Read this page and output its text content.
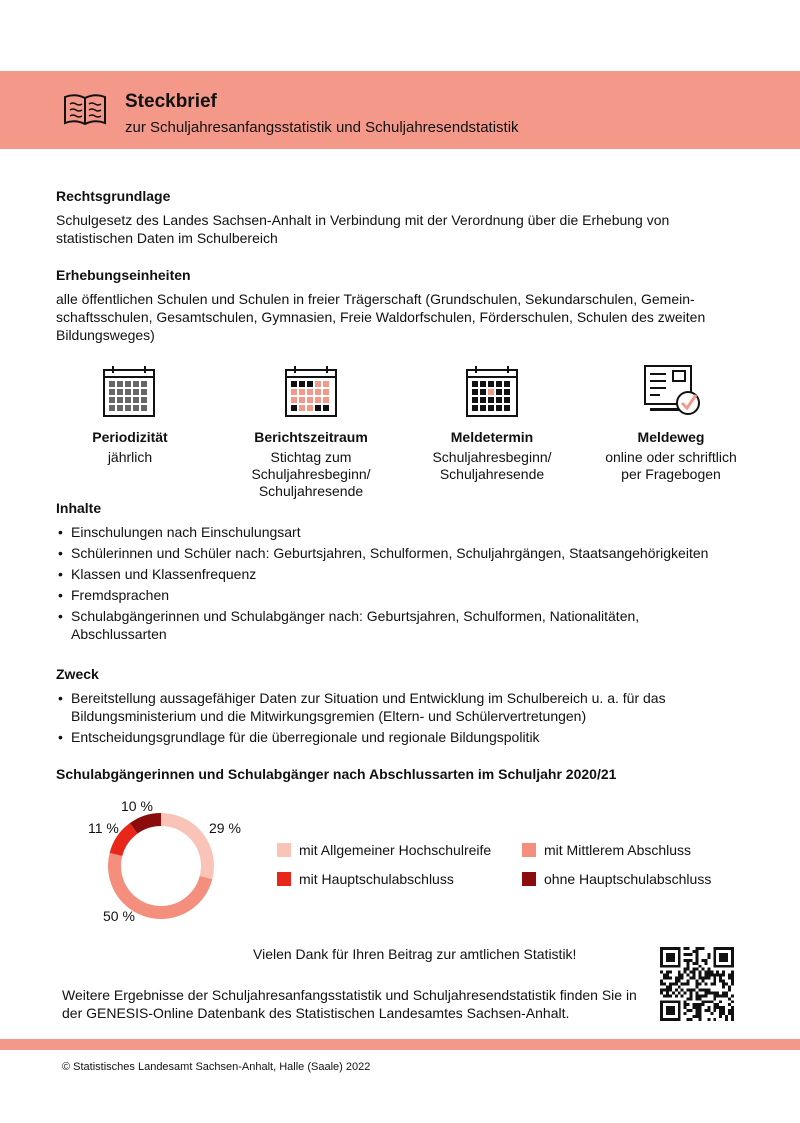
Steckbrief
zur Schuljahresanfangsstatistik und Schuljahresendstatistik
Rechtsgrundlage

Schulgesetz des Landes Sachsen-Anhalt in Verbindung mit der Verordnung über die Erhebung von statistischen Daten im Schulbereich

Erhebungseinheiten

alle öffentlichen Schulen und Schulen in freier Trägerschaft (Grundschulen, Sekundarschulen, Gemein- schaftsschulen, Gesamtschulen, Gymnasien, Freie Waldorfschulen, Förderschulen, Schulen des zweiten Bildungsweges)

Periodizität
jährlich
Berichtszeitraum
Stichtag zum Schuljahresbeginn/ Schuljahresende
Meldetermin
Schuljahresbeginn/ Schuljahresende
Meldeweg
online oder schriftlich per Fragebogen
Inhalte
• Einschulungen nach Einschulungsart
• Schülerinnen und Schüler nach: Geburtsjahren, Schulformen, Schuljahrgängen, Staatsangehörigkeiten
• Klassen und Klassenfrequenz
• Fremdsprachen
• Schulabgängerinnen und Schulabgänger nach: Geburtsjahren, Schulformen, Nationalitäten, Abschlussarten
Zweck
• Bereitstellung aussagefähiger Daten zur Situation und Entwicklung im Schulbereich u. a. für das Bildungsministerium und die Mitwirkungsgremien (Eltern- und Schülervertretungen)
• Entscheidungsgrundlage für die überregionale und regionale Bildungspolitik
Schulabgängerinnen und Schulabgänger nach Abschlussarten im Schuljahr 2020/21
29 %
50 %
11 %
10 %
mit Allgemeiner Hochschulreife	mit Mittlerem Abschluss
mit Hauptschulabschluss	ohne Hauptschulabschluss
Vielen Dank für Ihren Beitrag zur amtlichen Statistik!
Weitere Ergebnisse der Schuljahresanfangsstatistik und Schuljahresendstatistik finden Sie in der GENESIS-Online Datenbank des Statistischen Landesamtes Sachsen-Anhalt.
© Statistisches Landesamt Sachsen-Anhalt, Halle (Saale) 2022
